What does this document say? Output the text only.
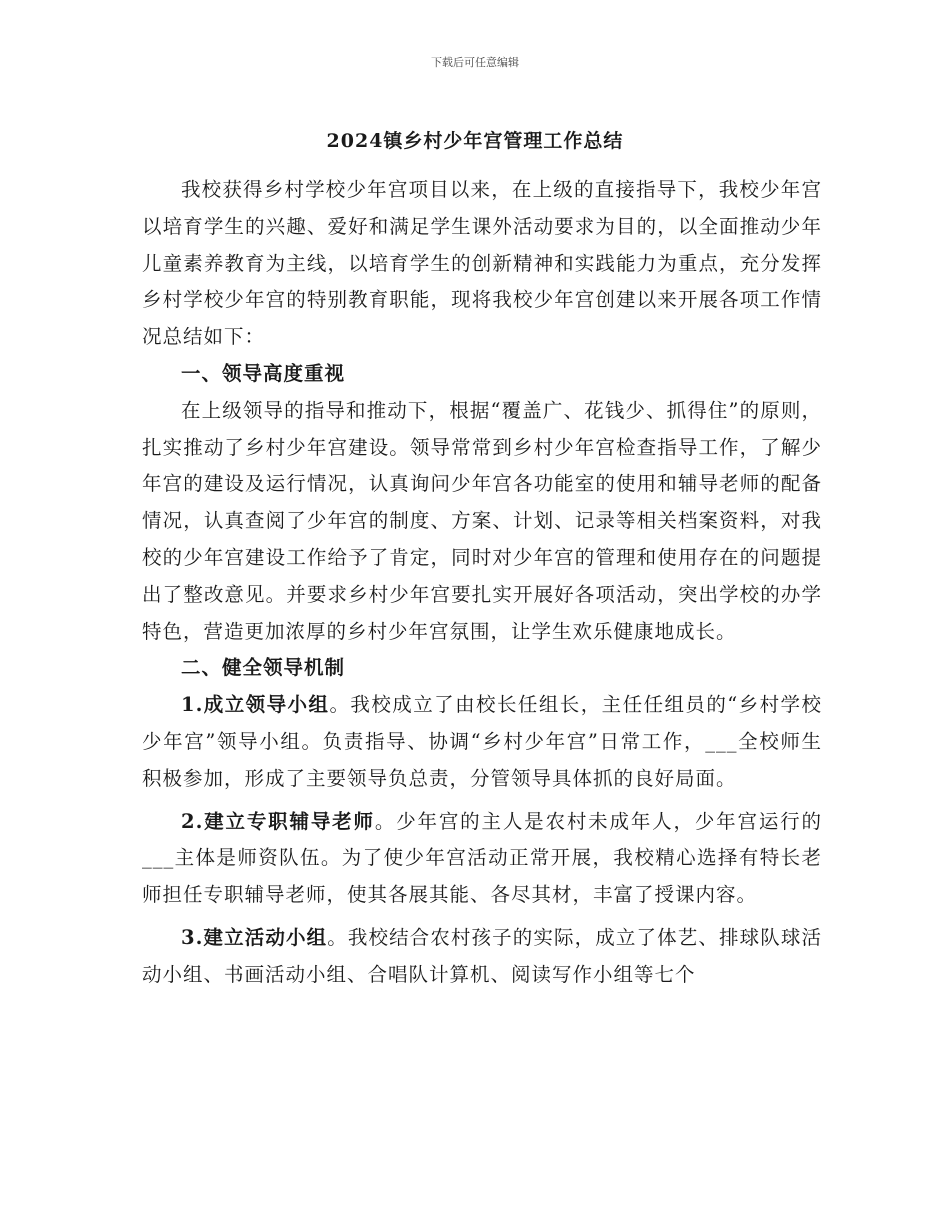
下载后可任意编辑
2024镇乡村少年宫管理工作总结

我校获得乡村学校少年宫项目以来，在上级的直接指导下，我校少年宫以培育学生的兴趣、爱好和满足学生课外活动要求为目的，以全面推动少年儿童素养教育为主线，以培育学生的创新精神和实践能力为重点，充分发挥乡村学校少年宫的特别教育职能，现将我校少年宫创建以来开展各项工作情况总结如下：

一、领导高度重视

在上级领导的指导和推动下，根据“覆盖广、花钱少、抓得住”的原则，扎实推动了乡村少年宫建设。领导常常到乡村少年宫检查指导工作，了解少年宫的建设及运行情况，认真询问少年宫各功能室的使用和辅导老师的配备情况，认真查阅了少年宫的制度、方案、计划、记录等相关档案资料，对我校的少年宫建设工作给予了肯定，同时对少年宫的管理和使用存在的问题提出了整改意见。并要求乡村少年宫要扎实开展好各项活动，突出学校的办学特色，营造更加浓厚的乡村少年宫氛围，让学生欢乐健康地成长。

二、健全领导机制

1.成立领导小组。我校成立了由校长任组长，主任任组员的“乡村学校少年宫”领导小组。负责指导、协调“乡村少年宫”日常工作，___全校师生积极参加，形成了主要领导负总责，分管领导具体抓的良好局面。

2.建立专职辅导老师。少年宫的主人是农村未成年人，少年宫运行的___主体是师资队伍。为了使少年宫活动正常开展，我校精心选择有特长老师担任专职辅导老师，使其各展其能、各尽其材，丰富了授课内容。

3.建立活动小组。我校结合农村孩子的实际，成立了体艺、排球队球活动小组、书画活动小组、合唱队计算机、阅读写作小组等七个
